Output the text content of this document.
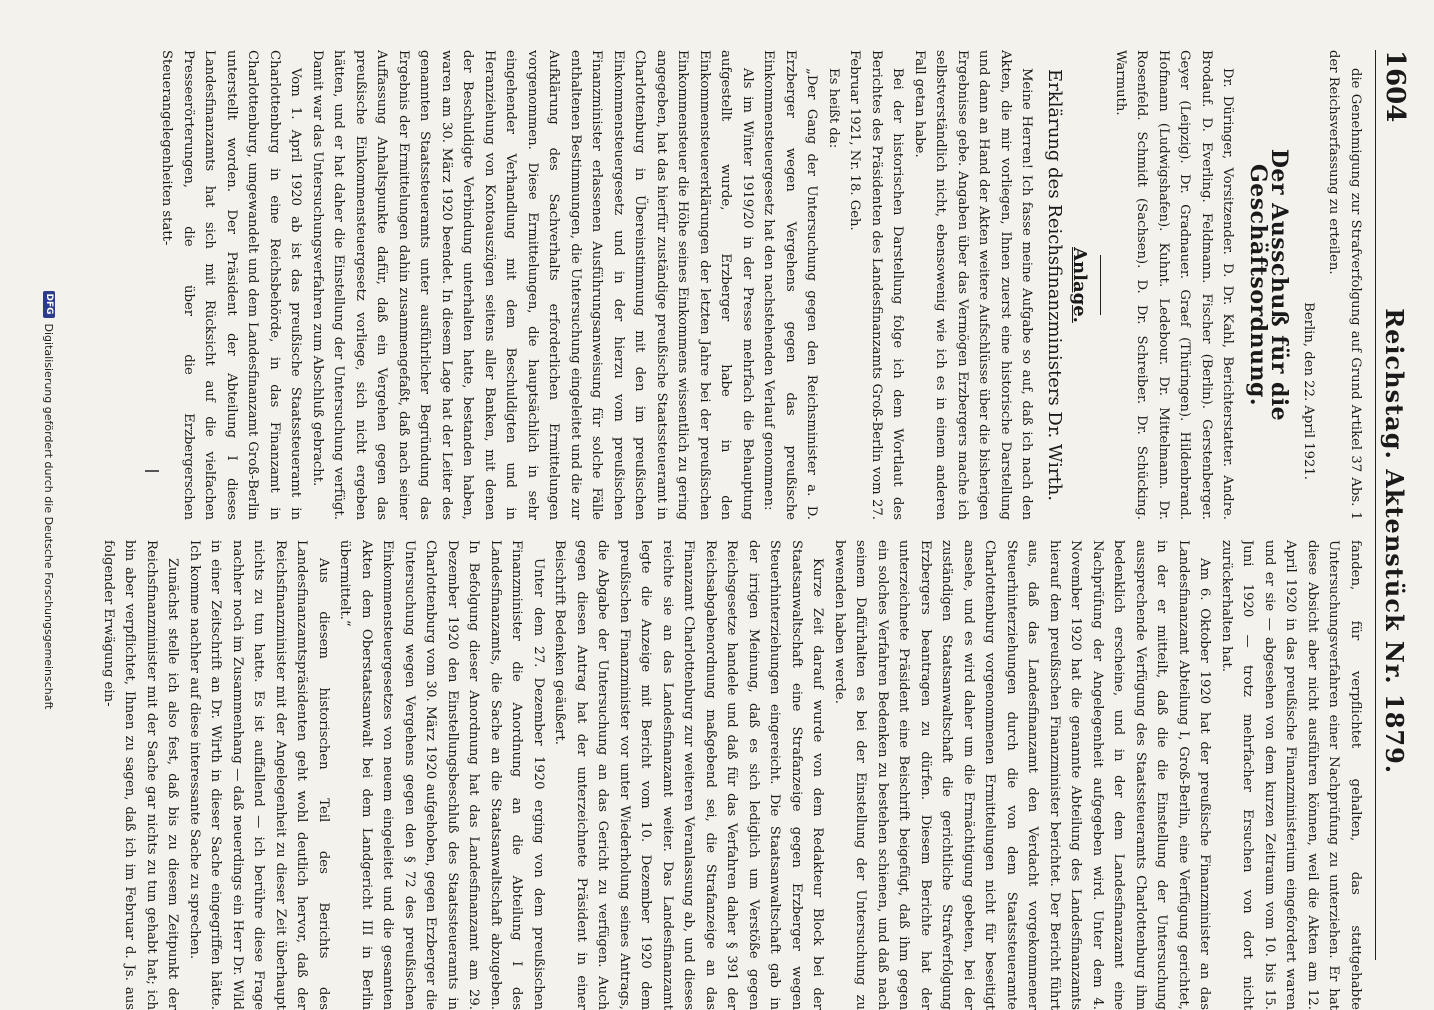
1604
Reichstag. Aktenstück Nr. 1879.

die Genehmigung zur Strafverfolgung auf Grund Artikel 37 Abs. 1 der Reichsverfassung zu erteilen.

Berlin, den 22. April 1921.

Der Ausschuß für die Geschäftsordnung.

Dr. Düringer, Vorsitzender. D. Dr. Kahl, Berichterstatter. Andre. Brodauf. D. Everling. Feldmann. Fischer (Berlin). Gerstenberger. Geyer (Leipzig). Dr. Gradnauer. Graef (Thüringen). Hildenbrand. Hofmann (Ludwigshafen). Kuhnt. Ledebour. Dr. Mittelmann. Dr. Rosenfeld. Schmidt (Sachsen). D. Dr. Schreiber. Dr. Schücking. Warmuth.

Anlage.

Erklärung des Reichsfinanzministers Dr. Wirth.

Meine Herren! Ich fasse meine Aufgabe so auf, daß ich nach den Akten, die mir vorliegen, Ihnen zuerst eine historische Darstellung und dann an Hand der Akten weitere Aufschlüsse über die bisherigen Ergebnisse gebe. Angaben über das Vermögen Erzbergers mache ich selbstverständlich nicht, ebensowenig wie ich es in einem anderen Fall getan habe.

Bei der historischen Darstellung folge ich dem Wortlaut des Berichtes des Präsidenten des Landesfinanzamts Groß-Berlin vom 27. Februar 1921, Nr. 18. Geh.

Es heißt da:

„Der Gang der Untersuchung gegen den Reichsminister a. D. Erzberger wegen Vergehens gegen das preußische Einkommensteuergesetz hat den nachstehenden Verlauf genommen:

Als im Winter 1919/20 in der Presse mehrfach die Behauptung aufgestellt wurde, Erzberger habe in den Einkommensteuererklärungen der letzten Jahre bei der preußischen Einkommensteuer die Höhe seines Einkommens wissentlich zu gering angegeben, hat das hierfür zuständige preußische Staatssteueramt in Charlottenburg in Übereinstimmung mit den im preußischen Einkommensteuergesetz und in der hierzu vom preußischen Finanzminister erlassenen Ausführungsanweisung für solche Fälle enthaltenen Bestimmungen, die Untersuchung eingeleitet und die zur Aufklärung des Sachverhalts erforderlichen Ermittelungen vorgenommen. Diese Ermittelungen, die hauptsächlich in sehr eingehender Verhandlung mit dem Beschuldigten und in Heranziehung von Kontoauszügen seitens aller Banken, mit denen der Beschuldigte Verbindung unterhalten hatte, bestanden haben, waren am 30. März 1920 beendet. In diesem Lage hat der Leiter des genannten Staatssteueramts unter ausführlicher Begründung das Ergebnis der Ermittelungen dahin zusammengefaßt, daß nach seiner Auffassung Anhaltspunkte dafür, daß ein Vergehen gegen das preußische Einkommensteuergesetz vorliege, sich nicht ergeben hätten, und er hat daher die Einstellung der Untersuchung verfügt. Damit war das Untersuchungsverfahren zum Abschluß gebracht.

Vom 1. April 1920 ab ist das preußische Staatssteueramt in Charlottenburg in eine Reichsbehörde, in das Finanzamt in Charlottenburg, umgewandelt und dem Landesfinanzamt Groß-Berlin unterstellt worden. Der Präsident der Abteilung I dieses Landesfinanzamts hat sich mit Rücksicht auf die vielfachen Presseerörterungen, die über die Erzbergerschen Steuerangelegenheiten statt-

fanden, für verpflichtet gehalten, das stattgehabte Untersuchungsverfahren einer Nachprüfung zu unterziehen. Er hat diese Absicht aber nicht ausführen können, weil die Akten am 12. April 1920 in das preußische Finanzministerium eingefordert waren und er sie — abgesehen von dem kurzen Zeitraum vom 10. bis 15. Juni 1920 — trotz mehrfacher Ersuchen von dort nicht zurückerhalten hat.

Am 6. Oktober 1920 hat der preußische Finanzminister an das Landesfinanzamt Abteilung I, Groß-Berlin, eine Verfügung gerichtet, in der er mitteilt, daß die die Einstellung der Untersuchung aussprechende Verfügung des Staatssteueramts Charlottenburg ihm bedenklich erscheine, und in der dem Landesfinanzamt eine Nachprüfung der Angelegenheit aufgegeben wird. Unter dem 4. November 1920 hat die genannte Abteilung des Landesfinanzamts hierauf dem preußischen Finanzminister berichtet. Der Bericht führt aus, daß das Landesfinanzamt den Verdacht vorgekommener Steuerhinterziehungen durch die von dem Staatssteueramte Charlottenburg vorgenommenen Ermittelungen nicht für beseitigt ansehe, und es wird daher um die Ermächtigung gebeten, bei der zuständigen Staatsanwaltschaft die gerichtliche Strafverfolgung Erzbergers beantragen zu dürfen. Diesem Berichte hat der unterzeichnete Präsident eine Beischrift beigefügt, daß ihm gegen ein solches Verfahren Bedenken zu bestehen schienen, und daß nach seinem Dafürhalten es bei der Einstellung der Untersuchung zu bewenden haben werde.

Kurze Zeit darauf wurde von dem Redakteur Block bei der Staatsanwaltschaft eine Strafanzeige gegen Erzberger wegen Steuerhinterziehungen eingereicht. Die Staatsanwaltschaft gab in der irrigen Meinung, daß es sich lediglich um Verstöße gegen Reichsgesetze handele und daß für das Verfahren daher § 391 der Reichsabgabenordnung maßgebend sei, die Strafanzeige an das Finanzamt Charlottenburg zur weiteren Veranlassung ab, und dieses reichte sie an das Landesfinanzamt weiter. Das Landesfinanzamt legte die Anzeige mit Bericht vom 10. Dezember 1920 dem preußischen Finanzminister vor unter Wiederholung seines Antrags, die Abgabe der Untersuchung an das Gericht zu verfügen. Auch gegen diesen Antrag hat der unterzeichnete Präsident in einer Beischrift Bedenken geäußert.

Unter dem 27. Dezember 1920 erging von dem preußischen Finanzminister die Anordnung an die Abteilung I des Landesfinanzamts, die Sache an die Staatsanwaltschaft abzugeben. In Befolgung dieser Anordnung hat das Landesfinanzamt am 29. Dezember 1920 den Einstellungsbeschluß des Staatssteueramts in Charlottenburg vom 30. März 1920 aufgehoben, gegen Erzberger die Untersuchung wegen Vergehens gegen den § 72 des preußischen Einkommensteuergesetzes von neuem eingeleitet und die gesamten Akten dem Oberstaatsanwalt bei dem Landgericht III in Berlin übermittelt.“

Aus diesem historischen Teil des Berichts des Landesfinanzamtspräsidenten geht wohl deutlich hervor, daß der Reichsfinanzminister mit der Angelegenheit zu dieser Zeit überhaupt nichts zu tun hatte. Es ist auffallend — ich berühre diese Frage nachher noch im Zusammenhang — daß neuerdings ein Herr Dr. Wild in einer Zeitschrift an Dr. Wirth in dieser Sache eingegriffen hätte. Ich komme nachher auf diese interessante Sache zu sprechen.

Zunächst stelle ich also fest, daß bis zu diesem Zeitpunkt der Reichsfinanzminister mit der Sache gar nichts zu tun gehabt hat; ich bin aber verpflichtet, Ihnen zu sagen, daß ich im Februar d. Js. aus folgender Erwägung ein-

DFG
Digitalisierung gefördert durch die Deutsche Forschungsgemeinschaft
